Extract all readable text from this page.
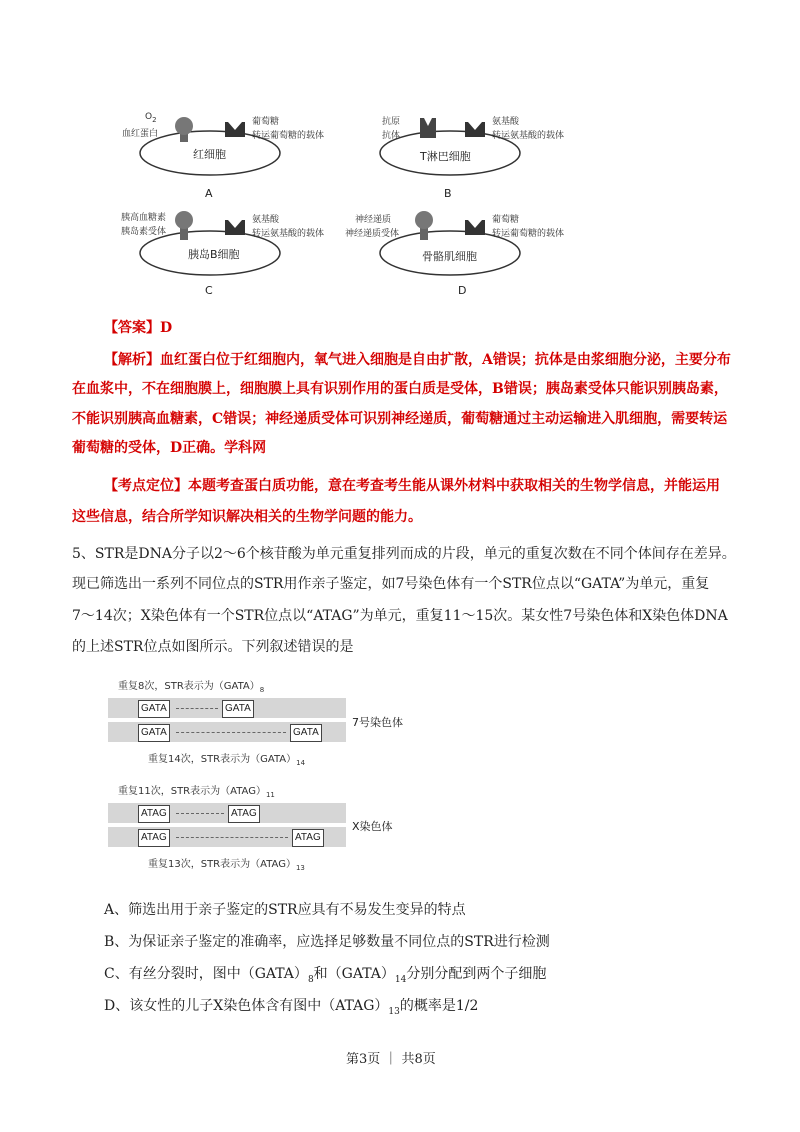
$O_2$
血红蛋白
葡萄糖
转运葡萄糖的载体
红细胞
A
抗原
抗体
氨基酸
转运氨基酸的载体
T淋巴细胞
B
胰高血糖素
胰岛素受体
氨基酸
转运氨基酸的载体
胰岛B细胞
C
神经递质
神经递质受体
葡萄糖
转运葡萄糖的载体
骨骼肌细胞
D
【答案】D
【解析】血红蛋白位于红细胞内，氧气进入细胞是自由扩散，A错误；抗体是由浆细胞分泌，主要分布
在血浆中，不在细胞膜上，细胞膜上具有识别作用的蛋白质是受体，B错误；胰岛素受体只能识别胰岛素，
不能识别胰高血糖素，C错误；神经递质受体可识别神经递质，葡萄糖通过主动运输进入肌细胞，需要转运
葡萄糖的受体，D正确。学科网
【考点定位】本题考查蛋白质功能，意在考查考生能从课外材料中获取相关的生物学信息，并能运用
这些信息，结合所学知识解决相关的生物学问题的能力。
5、STR是DNA分子以2～6个核苷酸为单元重复排列而成的片段，单元的重复次数在不同个体间存在差异。
现已筛选出一系列不同位点的STR用作亲子鉴定，如7号染色体有一个STR位点以“GATA”为单元，重复
7～14次；X染色体有一个STR位点以“ATAG”为单元，重复11～15次。某女性7号染色体和X染色体DNA
的上述STR位点如图所示。下列叙述错误的是
重复8次，STR表示为$(GATA)_8$
GATA	GATA
GATA	GATA
7号染色体
重复14次，STR表示为$(GATA)_{14}$
重复11次，STR表示为$(ATAG)_{11}$
ATAG	ATAG
ATAG	ATAG
X染色体
重复13次，STR表示为$(ATAG)_{13}$
A、筛选出用于亲子鉴定的STR应具有不易发生变异的特点
B、为保证亲子鉴定的准确率，应选择足够数量不同位点的STR进行检测
C、有丝分裂时，图中$(GATA)_8$和$(GATA)_{14}$分别分配到两个子细胞
D、该女性的儿子X染色体含有图中$(ATAG)_{13}$的概率是1/2
第3页 ｜ 共8页
